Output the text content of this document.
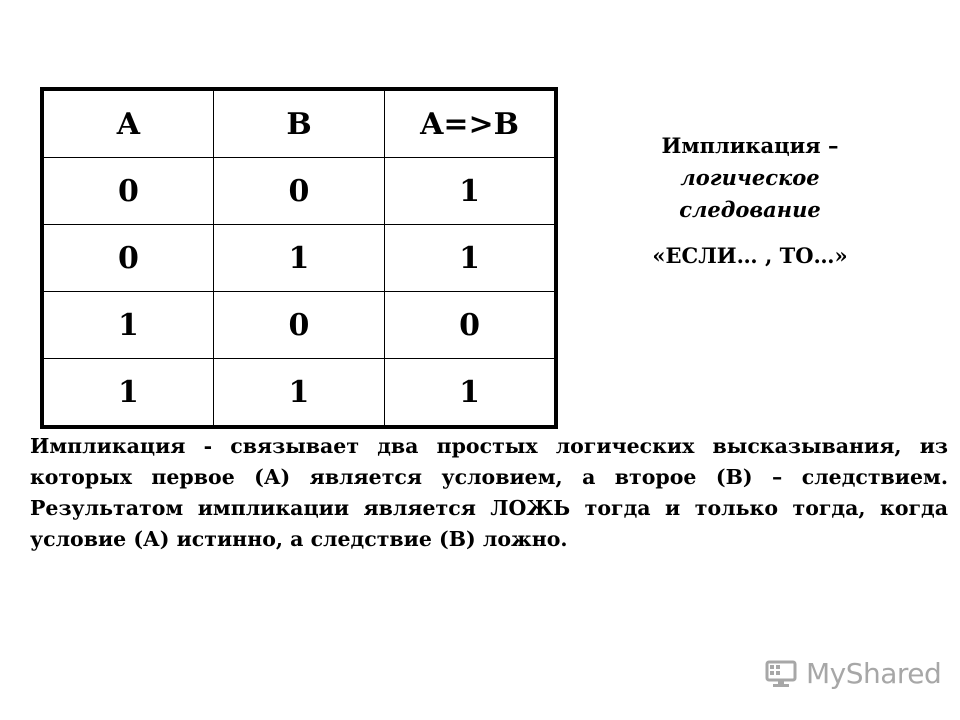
A	B	A=>B
0	0	1
0	1	1
1	0	0
1	1	1
Импликация –
логическое
следование
«ЕСЛИ… , ТО…»

Импликация - связывает два простых логических высказывания, из которых первое (А) является условием, а второе (В) – следствием. Результатом импликации является ЛОЖЬ тогда и только тогда, когда условие (А) истинно, а следствие (В) ложно.

MyShared
